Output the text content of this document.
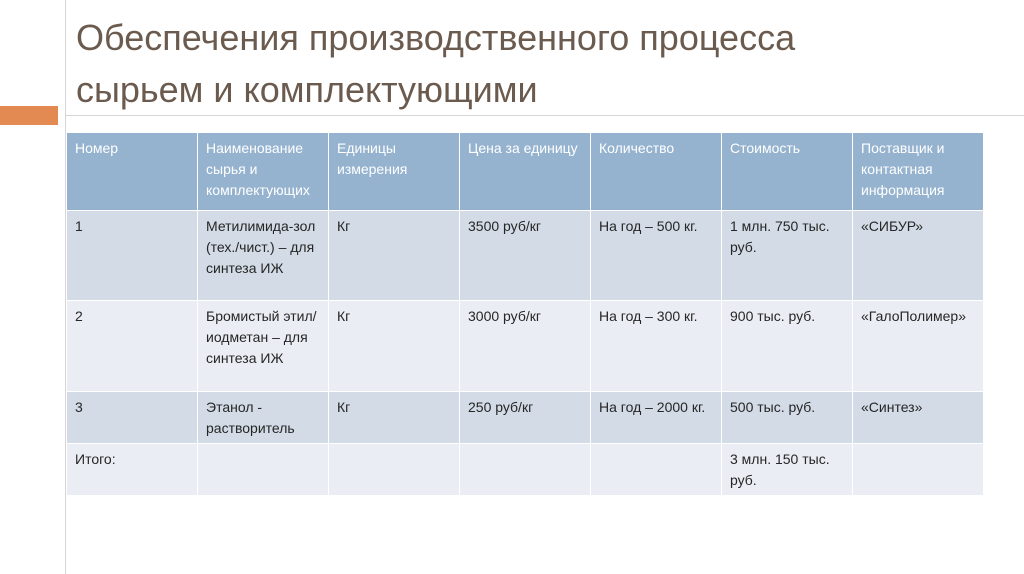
Обеспечения производственного процесса
сырьем и комплектующими
Номер	Наименование сырья и комплектующих	Единицы измерения	Цена за единицу	Количество	Стоимость	Поставщик и контактная информация
1	Метилимида-зол (тех./чист.) – для синтеза ИЖ	Кг	3500 руб/кг	На год – 500 кг.	1 млн. 750 тыс. руб.	«СИБУР»
2	Бромистый этил/ иодметан – для синтеза ИЖ	Кг	3000 руб/кг	На год – 300 кг.	900 тыс. руб.	«ГалоПолимер»
3	Этанол - растворитель	Кг	250 руб/кг	На год – 2000 кг.	500 тыс. руб.	«Синтез»
Итого:					3 млн. 150 тыс. руб.	
